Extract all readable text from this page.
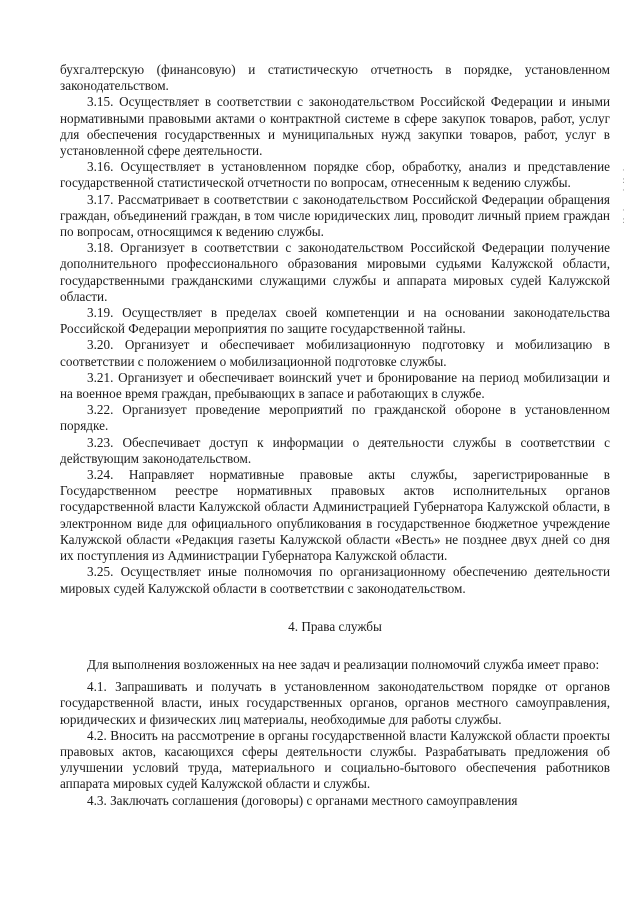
бухгалтерскую (финансовую) и статистическую отчетность в порядке, установленном законодательством.

3.15. Осуществляет в соответствии с законодательством Российской Федерации и иными нормативными правовыми актами о контрактной системе в сфере закупок товаров, работ, услуг для обеспечения государственных и муниципальных нужд закупки товаров, работ, услуг в установленной сфере деятельности.

3.16. Осуществляет в установленном порядке сбор, обработку, анализ и представление государственной статистической отчетности по вопросам, отнесенным к ведению службы.

3.17. Рассматривает в соответствии с законодательством Российской Федерации обращения граждан, объединений граждан, в том числе юридических лиц, проводит личный прием граждан по вопросам, относящимся к ведению службы.

3.18. Организует в соответствии с законодательством Российской Федерации получение дополнительного профессионального образования мировыми судьями Калужской области, государственными гражданскими служащими службы и аппарата мировых судей Калужской области.

3.19. Осуществляет в пределах своей компетенции и на основании законодательства Российской Федерации мероприятия по защите государственной тайны.

3.20. Организует и обеспечивает мобилизационную подготовку и мобилизацию в соответствии с положением о мобилизационной подготовке службы.

3.21. Организует и обеспечивает воинский учет и бронирование на период мобилизации и на военное время граждан, пребывающих в запасе и работающих в службе.

3.22. Организует проведение мероприятий по гражданской обороне в установленном порядке.

3.23. Обеспечивает доступ к информации о деятельности службы в соответствии с действующим законодательством.

3.24. Направляет нормативные правовые акты службы, зарегистрированные в Государственном реестре нормативных правовых актов исполнительных органов государственной власти Калужской области Администрацией Губернатора Калужской области, в электронном виде для официального опубликования в государственное бюджетное учреждение Калужской области «Редакция газеты Калужской области «Весть» не позднее двух дней со дня их поступления из Администрации Губернатора Калужской области.

3.25. Осуществляет иные полномочия по организационному обеспечению деятельности мировых судей Калужской области в соответствии с законодательством.

4. Права службы

Для выполнения возложенных на нее задач и реализации полномочий служба имеет право:

4.1. Запрашивать и получать в установленном законодательством порядке от органов государственной власти, иных государственных органов, органов местного самоуправления, юридических и физических лиц материалы, необходимые для работы службы.

4.2. Вносить на рассмотрение в органы государственной власти Калужской области проекты правовых актов, касающихся сферы деятельности службы. Разрабатывать предложения об улучшении условий труда, материального и социально-бытового обеспечения работников аппарата мировых судей Калужской области и службы.

4.3. Заключать соглашения (договоры) с органами местного самоуправления

·
:
·

·
:
